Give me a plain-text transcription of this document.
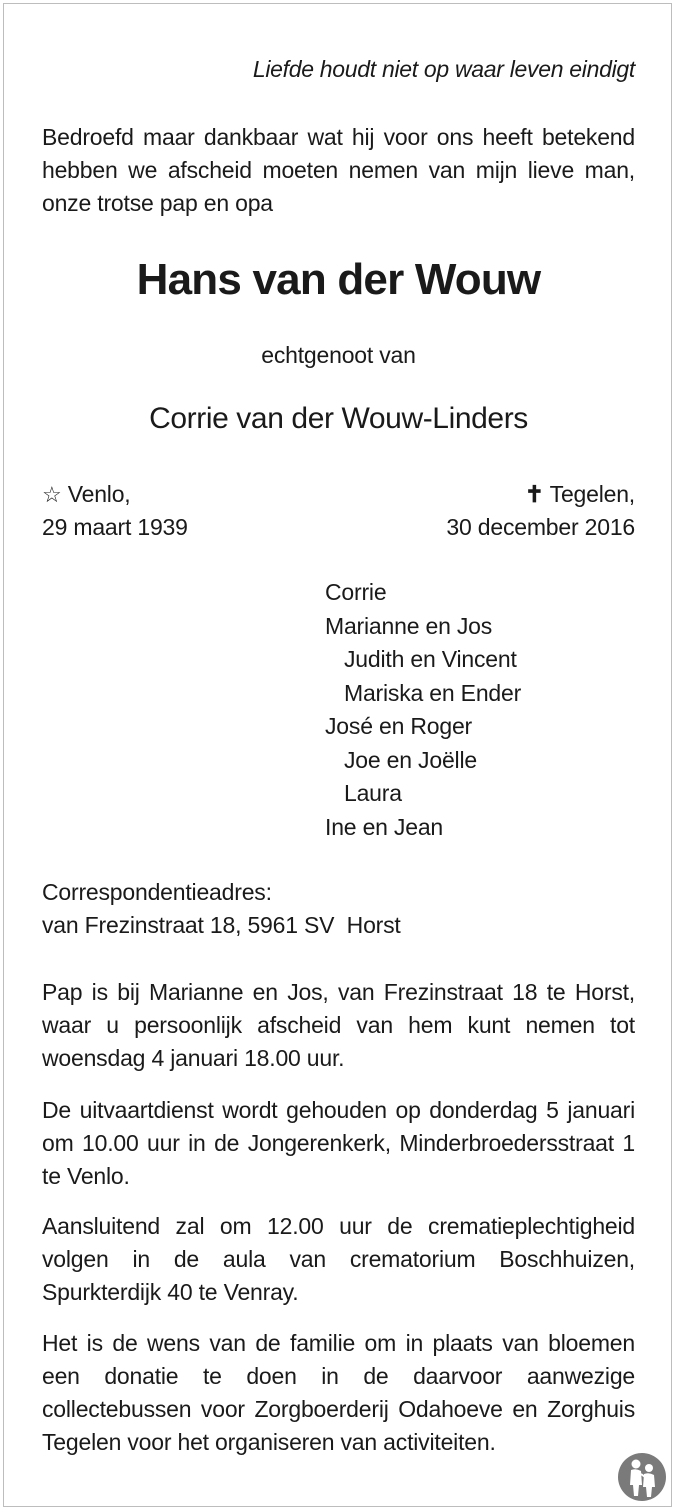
Liefde houdt niet op waar leven eindigt
Bedroefd maar dankbaar wat hij voor ons heeft betekend hebben we afscheid moeten nemen van mijn lieve man, onze trotse pap en opa
Hans van der Wouw
echtgenoot van
Corrie van der Wouw-Linders
☆ Venlo,
29 maart 1939
✝ Tegelen,
30 december 2016
Corrie
Marianne en Jos
Judith en Vincent
Mariska en Ender
José en Roger
Joe en Joëlle
Laura
Ine en Jean
Correspondentieadres:
van Frezinstraat 18, 5961 SV  Horst
Pap is bij Marianne en Jos, van Frezinstraat 18 te Horst, waar u persoonlijk afscheid van hem kunt nemen tot woensdag 4 januari 18.00 uur.
De uitvaartdienst wordt gehouden op donderdag 5 januari om 10.00 uur in de Jongerenkerk, Minderbroedersstraat 1 te Venlo.
Aansluitend zal om 12.00 uur de crematieplechtigheid volgen in de aula van crematorium Boschhuizen, Spurkterdijk 40 te Venray.
Het is de wens van de familie om in plaats van bloemen een donatie te doen in de daarvoor aanwezige collectebussen voor Zorgboerderij Odahoeve en Zorghuis Tegelen voor het organiseren van activiteiten.
